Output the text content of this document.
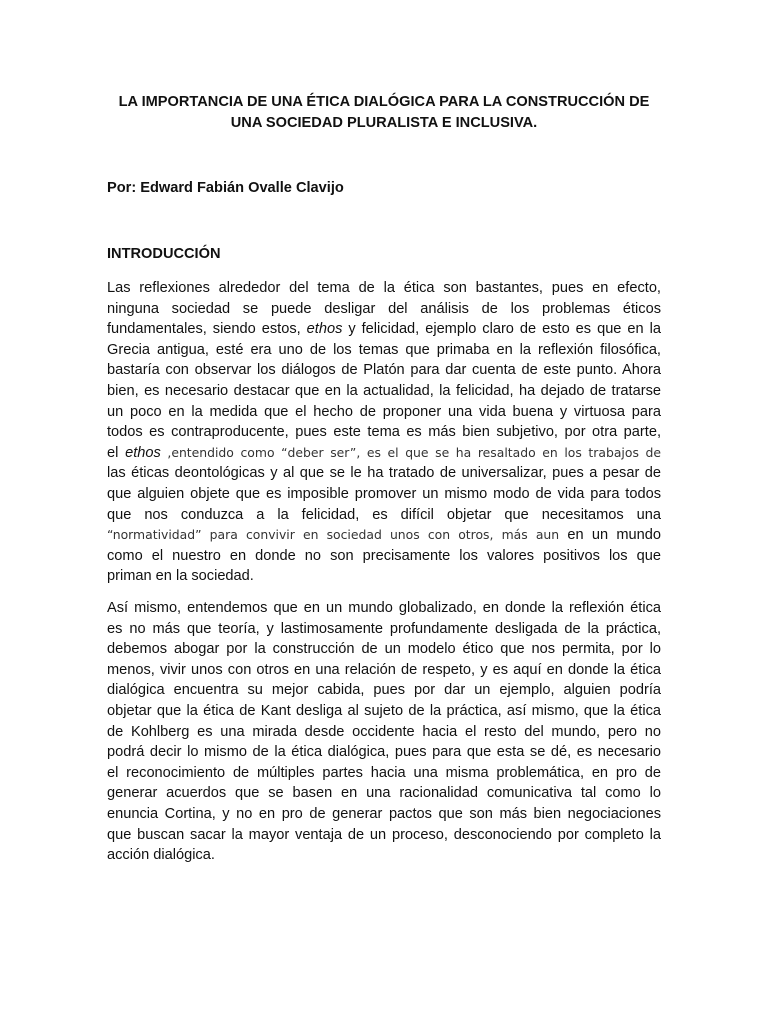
LA IMPORTANCIA DE UNA ÉTICA DIALÓGICA PARA LA CONSTRUCCIÓN DE
UNA SOCIEDAD PLURALISTA E INCLUSIVA.
Por: Edward Fabián Ovalle Clavijo
INTRODUCCIÓN
Las reflexiones alrededor del tema de la ética son bastantes, pues en efecto,
ninguna sociedad se puede desligar del análisis de los problemas éticos
fundamentales, siendo estos, ethos y felicidad, ejemplo claro de esto es que en la
Grecia antigua, esté era uno de los temas que primaba en la reflexión filosófica,
bastaría con observar los diálogos de Platón para dar cuenta de este punto. Ahora
bien, es necesario destacar que en la actualidad, la felicidad, ha dejado de tratarse
un poco en la medida que el hecho de proponer una vida buena y virtuosa para
todos es contraproducente, pues este tema es más bien subjetivo, por otra parte,
el ethos ,entendido como “deber ser”, es el que se ha resaltado en los trabajos de
las éticas deontológicas y al que se le ha tratado de universalizar, pues a pesar de
que alguien objete que es imposible promover un mismo modo de vida para todos
que nos conduzca a la felicidad, es difícil objetar que necesitamos una
“normatividad” para convivir en sociedad unos con otros, más aun en un mundo
como el nuestro en donde no son precisamente los valores positivos los que
priman en la sociedad.
Así mismo, entendemos que en un mundo globalizado, en donde la reflexión ética
es no más que teoría, y lastimosamente profundamente desligada de la práctica,
debemos abogar por la construcción de un modelo ético que nos permita, por lo
menos, vivir unos con otros en una relación de respeto, y es aquí en donde la ética
dialógica encuentra su mejor cabida, pues por dar un ejemplo, alguien podría
objetar que la ética de Kant desliga al sujeto de la práctica, así mismo, que la ética
de Kohlberg es una mirada desde occidente hacia el resto del mundo, pero no
podrá decir lo mismo de la ética dialógica, pues para que esta se dé, es necesario
el reconocimiento de múltiples partes hacia una misma problemática, en pro de
generar acuerdos que se basen en una racionalidad comunicativa tal como lo
enuncia Cortina, y no en pro de generar pactos que son más bien negociaciones
que buscan sacar la mayor ventaja de un proceso, desconociendo por completo la
acción dialógica.
